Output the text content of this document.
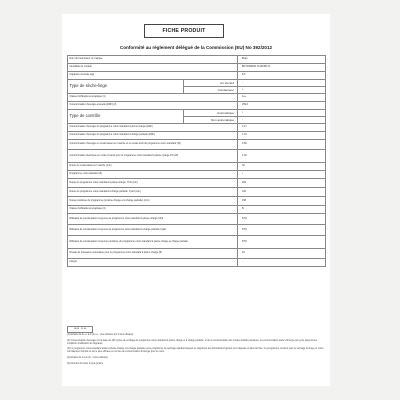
FICHE PRODUIT
Conformité au règlement délégué de la Commission (EU) No 392/2012
Nom du fournisseur ou marque		Beko
Identifiant du modèle		BDT1050EW T1462380 TL
Capacité nominale (kg)		8.0
Type de sèche-linge	Air Vented	-
	Condenseur	•
Classe d'efficacité énergétique (1)		A++
Consommation d'énergie annuelle (kWh) (2)		259.0
Type de contrôle	Automatique	•
	Non automatique	-
Consommation d'énergie du programme coton standard à pleine charge (kWh)		2.17
Consommation d'énergie du programme coton standard à charge partielle (kWh)		1.16
Consommation d'énergie en mode laissé sur marche et en mode arrêt du programme coton standard (W)		0.50
Consommation électrique en mode à l'arrêt pour le programme coton standard à pleine charge PO (W)		1.00
Durée du mode laissé sur marche (min)		30
Programme coton standard (3)		•
Durée du programme coton standard à pleine charge, Tfull (min)		209
Durée du programme coton standard à charge partielle, Tpart (min)		120
Durée pondérée du programme (à pleine charge et à charge partielle) (min)		158
Classe d'efficacité énergétique (4)		B
Efficacité de condensation moyenne du programme coton standard à pleine charge Cfull		87%
Efficacité de condensation moyenne du programme coton standard à charge partielle Cpart		87%
Efficacité de condensation moyenne pondérée du programme coton standard à pleine charge et charge partielle		87%
Niveau de puissance acoustique pour le programme coton standard à pleine charge (5)		64
Intégré		-
18.09 · 11.06

(1) Echelle de A+++ à D (A+++ : plus efficace à D moins efficace)

(2) Consommation d'énergie sur la base de 160 cycles de séchage du programme coton standard à pleine charge et à charge partielle, et de la consommation des modes à faible puissance. La consommation réelle d'énergie par cycle dépend des conditions d'utilisation de l'appareil.

(3) Le programme coton standard utilisé à pleine charge et à charge partielle est le programme de séchage standard auquel se rapportent les informations figurant sur l'étiquette et dans la fiche. Ce programme convient pour le séchage du linge en coton normalement humide et est le plus efficace en termes de consommation d'énergie pour le coton.

(4) Echelle de G à A (G : moins efficace)

(5) Arrondie à l'entier le plus proche
